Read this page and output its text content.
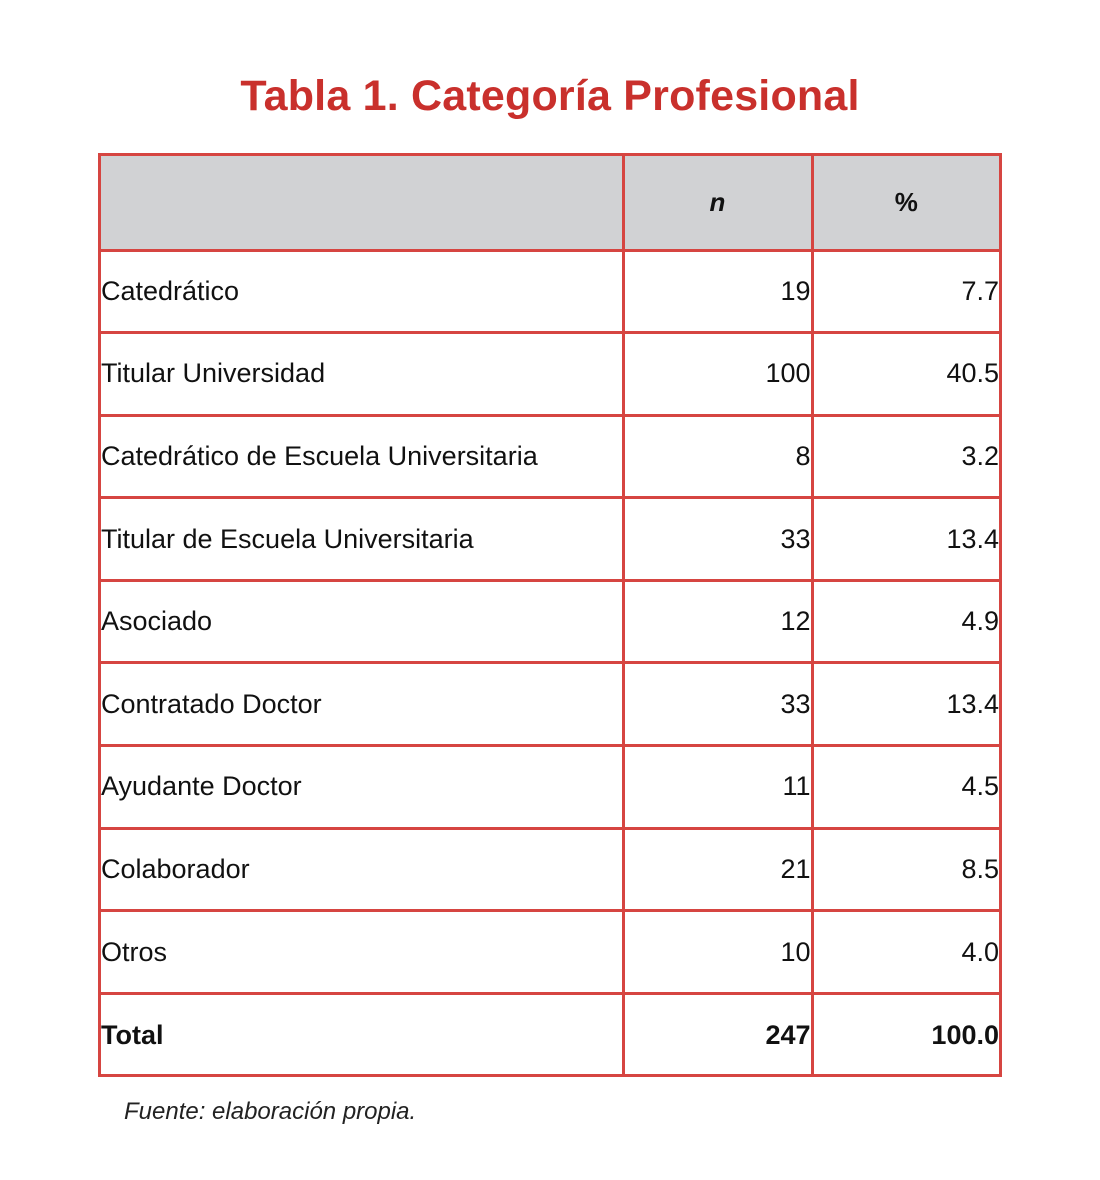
Tabla 1. Categoría Profesional
	n	%
Catedrático	19	7.7
Titular Universidad	100	40.5
Catedrático de Escuela Universitaria	8	3.2
Titular de Escuela Universitaria	33	13.4
Asociado	12	4.9
Contratado Doctor	33	13.4
Ayudante Doctor	11	4.5
Colaborador	21	8.5
Otros	10	4.0
Total	247	100.0
Fuente: elaboración propia.
